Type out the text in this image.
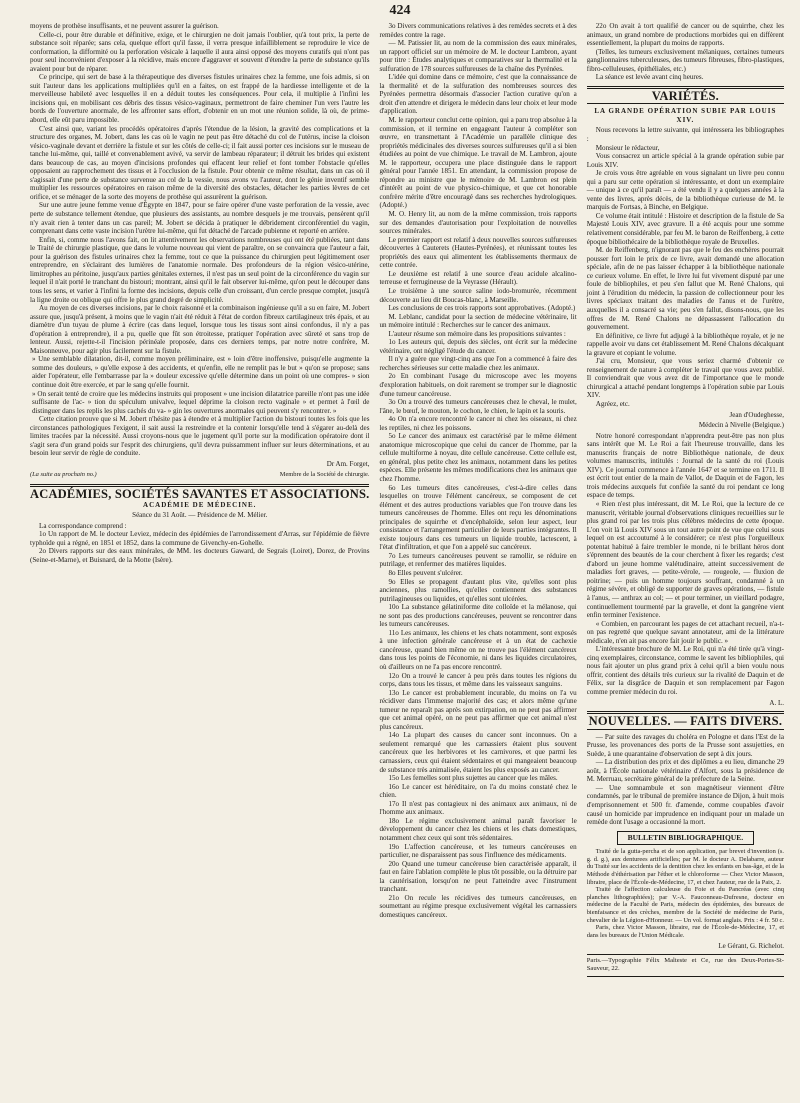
424

moyens de prothèse insuffisants, et ne peuvent assurer la guérison.

Celle-ci, pour être durable et définitive, exige, et le chirurgien ne doit jamais l'oublier, qu'à tout prix, la perte de substance soit réparée; sans cela, quelque effort qu'il fasse, il verra presque infailliblement se reproduire le vice de conformation, la difformité ou la perforation vésicale à laquelle il aura ainsi opposé des moyens curatifs qui n'ont pas pour seul inconvénient d'exposer à la récidive, mais encore d'aggraver et souvent d'étendre la perte de substance qu'ils avaient pour but de réparer.

Ce principe, qui sert de base à la thérapeutique des diverses fistules urinaires chez la femme, une fois admis, si on suit l'auteur dans les applications multipliées qu'il en a faites, on est frappé de la hardiesse intelligente et de la merveilleuse habileté avec lesquelles il en a déduit toutes les conséquences. Pour cela, il multiplie à l'infini les incisions qui, en mobilisant ces débris des tissus vésico-vaginaux, permettront de faire cheminer l'un vers l'autre les bords de l'ouverture anormale, de les affronter sans effort, d'obtenir en un mot une réunion solide, là où, de prime-abord, elle eût paru impossible.

C'est ainsi que, variant les procédés opératoires d'après l'étendue de la lésion, la gravité des complications et la structure des organes, M. Jobert, dans les cas où le vagin ne peut pas être détaché du col de l'utérus, incise la cloison vésico-vaginale devant et derrière la fistule et sur les côtés de celle-ci; il fait aussi porter ces incisions sur le museau de tanche lui-même, qui, taillé et convenablement avivé, va servir de lambeau réparateur; il détruit les brides qui existent dans beaucoup de cas, au moyen d'incisions profondes qui effacent leur relief et font tomber l'obstacle qu'elles opposaient au rapprochement des tissus et à l'occlusion de la fistule. Pour obtenir ce même résultat, dans un cas où il s'agissait d'une perte de substance survenue au col de la vessie, nous avons vu l'auteur, dont le génie inventif semble multiplier les ressources opératoires en raison même de la diversité des obstacles, détacher les parties lèvres de cet orifice, et se ménager de la sorte des moyens de prothèse qui assurèrent la guérison.

Sur une autre jeune femme venue d'Égypte en 1847, pour se faire opérer d'une vaste perforation de la vessie, avec perte de substance tellement étendue, que plusieurs des assistants, au nombre desquels je me trouvais, pensèrent qu'il n'y avait rien à tenter dans un cas pareil; M. Jobert se décida à pratiquer le débridement circonférentiel du vagin, comprenant dans cette vaste incision l'urètre lui-même, qui fut détaché de l'arcade pubienne et reporté en arrière.

Enfin, si, comme nous l'avons fait, on lit attentivement les observations nombreuses qui ont été publiées, tant dans le Traité de chirurgie plastique, que dans le volume nouveau qui vient de paraître, on se convaincra que l'auteur a fait, pour la guérison des fistules urinaires chez la femme, tout ce que la puissance du chirurgien peut légitimement oser entreprendre, en s'éclairant des lumières de l'anatomie normale. Des profondeurs de la région vésico-utérine, limitrophes au péritoine, jusqu'aux parties génitales externes, il n'est pas un seul point de la circonférence du vagin sur lequel il n'ait porté le tranchant du bistouri; montrant, ainsi qu'il le fait observer lui-même, qu'on peut le découper dans tous les sens, et varier à l'infini la forme des incisions, depuis celle d'un croissant, d'un cercle presque complet, jusqu'à la ligne droite ou oblique qui offre le plus grand degré de simplicité.

Au moyen de ces diverses incisions, par le choix raisonné et la combinaison ingénieuse qu'il a su en faire, M. Jobert assure que, jusqu'à présent, à moins que le vagin n'ait été réduit à l'état de cordon fibreux cartilagineux très épais, et au diamètre d'un tuyau de plume à écrire (cas dans lequel, lorsque tous les tissus sont ainsi confondus, il n'y a pas d'opération à entreprendre), il a pu, quelle que fût son étroitesse, pratiquer l'opération avec sûreté et sans trop de lenteur. Aussi, rejette-t-il l'incision périnéale proposée, dans ces derniers temps, par notre notre confrère, M. Maisonneuve, pour agir plus facilement sur la fistule.

» Une semblable dilatation, dit-il, comme moyen préliminaire, est » loin d'être inoffensive, puisqu'elle augmente la somme des douleurs, » qu'elle expose à des accidents, et qu'enfin, elle ne remplit pas le but » qu'on se propose; sans aider l'opérateur, elle l'embarrasse par la » douleur excessive qu'elle détermine dans un point où une compres- » sion continue doit être exercée, et par le sang qu'elle fournit.

» On serait tenté de croire que les médecins instruits qui proposent » une incision dilatatrice pareille n'ont pas une idée suffisante de l'ac- » tion du spéculum univalve, lequel déprime la cloison recto vaginale » et permet à l'œil de distinguer dans les replis les plus cachés du va- » gin les ouvertures anormales qui peuvent s'y rencontrer. »

Cette citation prouve que si M. Jobert n'hésite pas à étendre et à multiplier l'action du bistouri toutes les fois que les circonstances pathologiques l'exigent, il sait aussi la restreindre et la contenir lorsqu'elle tend à s'égarer au-delà des limites tracées par la nécessité. Aussi croyons-nous que le jugement qu'il porte sur la modification opératoire dont il s'agit sera d'un grand poids sur l'esprit des chirurgiens, qu'il devra puissamment influer sur leurs déterminations, et au besoin leur servir de règle de conduite.

Dr Am. Forget,
(La suite au prochain no.)	Membre de la Société de chirurgie.
ACADÉMIES, SOCIÉTÉS SAVANTES ET ASSOCIATIONS.
ACADÉMIE DE MÉDECINE.
Séance du 31 Août. — Présidence de M. Mélier.

La correspondance comprend :

1o Un rapport de M. le docteur Leviez, médecin des épidémies de l'arrondissement d'Arras, sur l'épidémie de fièvre typhoïde qui a régné, en 1851 et 1852, dans la commune de Givenchy-en-Gohelle.

2o Divers rapports sur des eaux minérales, de MM. les docteurs Gaward, de Segrais (Loiret), Dorez, de Provins (Seine-et-Marne), et Buisnard, de la Motte (Isère).

3o Divers communications relatives à des remèdes secrets et à des remèdes contre la rage.

— M. Patissier lit, au nom de la commission des eaux minérales, un rapport officiel sur un mémoire de M. le docteur Lambron, ayant pour titre : Études analytiques et comparatives sur la thermalité et la sulfuration de 178 sources sulfureuses de la chaîne des Pyrénées.

L'idée qui domine dans ce mémoire, c'est que la connaissance de la thermalité et de la sulfuration des nombreuses sources des Pyrénées permettra désormais d'associer l'action curative qu'on a droit d'en attendre et dirigera le médecin dans leur choix et leur mode d'application.

M. le rapporteur conclut cette opinion, qui a paru trop absolue à la commission, et il termine en engageant l'auteur à compléter son œuvre, en transmettant à l'Académie un parallèle clinique des propriétés médicinales des diverses sources sulfureuses qu'il a si bien étudiées au point de vue chimique. Le travail de M. Lambron, ajoute M. le rapporteur, occupera une place distinguée dans le rapport général pour l'année 1851. En attendant, la commission propose de répondre au ministre que le mémoire de M. Lambron est plein d'intérêt au point de vue physico-chimique, et que cet honorable confrère mérite d'être encouragé dans ses recherches hydrologiques. (Adopté.)

M. O. Henry lit, au nom de la même commission, trois rapports sur des demandes d'autorisation pour l'exploitation de nouvelles sources minérales.

Le premier rapport est relatif à deux nouvelles sources sulfureuses découvertes à Cauterets (Hautes-Pyrénées), et réunissant toutes les propriétés des eaux qui alimentent les établissements thermaux de cette contrée.

Le deuxième est relatif à une source d'eau acidule alcalino-terreuse et ferrugineuse de la Veyrasse (Hérault).

Le troisième à une source saline iodo-bromurée, récemment découverte au lieu dit Boucas-blanc, à Marseille.

Les conclusions de ces trois rapports sont approbatives. (Adopté.)

M. Leblanc, candidat pour la section de médecine vétérinaire, lit un mémoire intitulé : Recherches sur le cancer des animaux.

L'auteur résume son mémoire dans les propositions suivantes :

1o Les auteurs qui, depuis des siècles, ont écrit sur la médecine vétérinaire, ont négligé l'étude du cancer.

Il n'y a guère que vingt-cinq ans que l'on a commencé à faire des recherches sérieuses sur cette maladie chez les animaux.

2o En combinant l'usage du microscope avec les moyens d'exploration habituels, on doit rarement se tromper sur le diagnostic d'une tumeur cancéreuse.

3o On a trouvé des tumeurs cancéreuses chez le cheval, le mulet, l'âne, le bœuf, le mouton, le cochon, le chien, le lapin et la souris.

4o On n'a encore rencontré le cancer ni chez les oiseaux, ni chez les reptiles, ni chez les poissons.

5o Le cancer des animaux est caractérisé par le même élément anatomique microscopique que celui du cancer de l'homme, par la cellule multiforme à noyau, dite cellule cancéreuse. Cette cellule est, en général, plus petite chez les animaux, notamment dans les petites espèces. Elle présente les mêmes modifications chez les animaux que chez l'homme.

6o Les tumeurs dites cancéreuses, c'est-à-dire celles dans lesquelles on trouve l'élément cancéreux, se composent de cet élément et des autres productions variables que l'on trouve dans les tumeurs cancéreuses de l'homme. Elles ont reçu les dénominations principales de squirrhe et d'encéphaloïde, selon leur aspect, leur consistance et l'arrangement particulier de leurs parties intégrantes. Il existe toujours dans ces tumeurs un liquide trouble, lactescent, à l'état d'infiltration, et que l'on a appelé suc cancéreux.

7o Les tumeurs cancéreuses peuvent se ramollir, se réduire en putrilage, et renfermer des matières liquides.

8o Elles peuvent s'ulcérer.

9o Elles se propagent d'autant plus vite, qu'elles sont plus anciennes, plus ramollies, qu'elles contiennent des substances putrilagineuses ou liquides, et qu'elles sont ulcérées.

10o La substance gélatiniforme dite colloïde et la mélanose, qui ne sont pas des productions cancéreuses, peuvent se rencontrer dans les tumeurs cancéreuses.

11o Les animaux, les chiens et les chats notamment, sont exposés à une infection générale cancéreuse et à un état de cachexie cancéreuse, quand bien même on ne trouve pas l'élément cancéreux dans tous les points de l'économie, ni dans les liquides circulatoires, où d'ailleurs on ne l'a pas encore rencontré.

12o On a trouvé le cancer à peu près dans toutes les régions du corps, dans tous les tissus, et même dans les vaisseaux sanguins.

13o Le cancer est probablement incurable, du moins on l'a vu récidiver dans l'immense majorité des cas; et alors même qu'une tumeur ne reparaît pas après son extirpation, on ne peut pas affirmer que cet animal opéré, on ne peut pas affirmer que cet animal n'est plus cancéreux.

14o La plupart des causes du cancer sont inconnues. On a seulement remarqué que les carnassiers étaient plus souvent cancéreux que les herbivores et les carnivores, et que parmi les carnassiers, ceux qui étaient sédentaires et qui mangeaient beaucoup de substance très animalisée, étaient les plus exposés au cancer.

15o Les femelles sont plus sujettes au cancer que les mâles.

16o Le cancer est héréditaire, on l'a du moins constaté chez le chien.

17o Il n'est pas contagieux ni des animaux aux animaux, ni de l'homme aux animaux.

18o Le régime exclusivement animal paraît favoriser le développement du cancer chez les chiens et les chats domestiques, notamment chez ceux qui sont très sédentaires.

19o L'affection cancéreuse, et les tumeurs cancéreuses en particulier, ne disparaissent pas sous l'influence des médicaments.

20o Quand une tumeur cancéreuse bien caractérisée apparaît, il faut en faire l'ablation complète le plus tôt possible, ou la détruire par la cautérisation, lorsqu'on ne peut l'atteindre avec l'instrument tranchant.

21o On recule les récidives des tumeurs cancéreuses, en soumettant au régime presque exclusivement végétal les carnassiers domestiques cancéreux.

22o On avait à tort qualifié de cancer ou de squirrhe, chez les animaux, un grand nombre de productions morbides qui en diffèrent essentiellement, la plupart du moins de rapports.

(Telles, les tumeurs exclusivement mélaniques, certaines tumeurs ganglionnaires tuberculeuses, des tumeurs fibreuses, fibro-plastiques, fibro-celluleuses, épithéliales, etc.)

La séance est levée avant cinq heures.

VARIÉTÉS.
LA GRANDE OPÉRATION SUBIE PAR LOUIS XIV.

Nous recevons la lettre suivante, qui intéressera les bibliographes :

Monsieur le rédacteur,

Vous consacrez un article spécial à la grande opération subie par Louis XIV.

Je crois vous être agréable en vous signalant un livre peu connu qui a paru sur cette opération si intéressante, et dont un exemplaire — unique à ce qu'il paraît — a été vendu il y a quelques années à la vente des livres, après décès, de la bibliothèque curieuse de M. le marquis de Fortsas, à Binche, en Belgique.

Ce volume était intitulé : Histoire et description de la fistule de Sa Majesté Louis XIV, avec gravure. Il a été acquis pour une somme relativement considérable, par feu M. le baron de Reiffenberg, à cette époque bibliothécaire de la bibliothèque royale de Bruxelles.

M. de Reiffenberg, n'ignorant pas que le feu des enchères pourrait pousser fort loin le prix de ce livre, avait demandé une allocation spéciale, afin de ne pas laisser échapper à la bibliothèque nationale ce curieux volume. En effet, le livre lui fut vivement disputé par une foule de bibliophiles, et peu s'en fallut que M. René Chalons, qui joint à l'érudition du médecin, la passion de collectionneur pour les livres spéciaux traitant des maladies de l'anus et de l'urètre, auxquelles il a consacré sa vie; peu s'en fallut, disons-nous, que les offres de M. René Chalons ne dépassassent l'allocation du gouvernement.

En définitive, ce livre fut adjugé à la bibliothèque royale, et je ne rappelle avoir vu dans cet établissement M. René Chalons décalquant la gravure et copiant le volume.

J'ai cru, Monsieur, que vous seriez charmé d'obtenir ce renseignement de nature à compléter le travail que vous avez publié. Il conviendrait que vous avez dit de l'importance que le monde chirurgical a attaché pendant longtemps à l'opération subie par Louis XIV.

Agréez, etc.

Jean d'Oudeghesse,
Médecin à Nivelle (Belgique.)

Notre honoré correspondant n'apprendra peut-être pas non plus sans intérêt que M. Le Roi a fait l'heureuse trouvaille, dans les manuscrits français de notre Bibliothèque nationale, de deux volumes manuscrits, intitulés : Journal de la santé du roi (Louis XIV). Ce journal commence à l'année 1647 et se termine en 1711. Il est écrit tout entier de la main de Vallot, de Daquin et de Fagon, les trois médecins auxquels fut confiée la santé du roi pendant ce long espace de temps.

« Rien n'est plus intéressant, dit M. Le Roi, que la lecture de ce manuscrit, véritable journal d'observations cliniques recueillies sur le plus grand roi par les trois plus célèbres médecins de cette époque. L'on voit là Louis XIV sous un tout autre point de vue que celui sous lequel on est accoutumé à le considérer; ce n'est plus l'orgueilleux potentat habitué à faire trembler le monde, ni le brillant héros dont s'éprennent des beautés de la cour cherchent à fixer les regards; c'est d'abord un jeune homme valétudinaire, atteint successivement de maladies fort graves, — petite-vérole, — rougeole, — fluxion de poitrine; — puis un homme toujours souffrant, condamné à un régime sévère, et obligé de supporter de graves opérations, — fistule à l'anus, — anthrax au col; — et pour terminer, un vieillard podagre, continuellement tourmenté par la gravelle, et dont la gangrène vient enfin terminer l'existence.

« Combien, en parcourant les pages de cet attachant recueil, n'a-t-on pas regretté que quelque savant annotateur, ami de la littérature médicale, n'en ait pas encore fait jouir le public. »

L'intéressante brochure de M. Le Roi, qui n'a été tirée qu'à vingt-cinq exemplaires, circonstance, comme le savent les bibliophiles, qui nous fait ajouter un plus grand prix à celui qu'il a bien voulu nous offrir, contient des détails très curieux sur la rivalité de Daquin et de Félix, sur la disgrâce de Daquin et son remplacement par Fagon comme premier médecin du roi.

A. L.
NOUVELLES. — FAITS DIVERS.

— Par suite des ravages du choléra en Pologne et dans l'Est de la Prusse, les provenances des ports de la Prusse sont assujetties, en Suède, à une quarantaine d'observation de sept à dix jours.

— La distribution des prix et des diplômes a eu lieu, dimanche 29 août, à l'École nationale vétérinaire d'Alfort, sous la présidence de M. Merruau, secrétaire général de la préfecture de la Seine.

— Une somnambule et son magnétiseur viennent d'être condamnés, par le tribunal de première instance de Dijon, à huit mois d'emprisonnement et 500 fr. d'amende, comme coupables d'avoir causé un homicide par imprudence en indiquant pour un malade un remède dont l'usage a occasionné la mort.

BULLETIN BIBLIOGRAPHIQUE.

Traité de la gutta-percha et de son application, par brevet d'invention (s. g. d. g.), aux denturees artificielles; par M. le docteur A. Delabarre, auteur du Traité sur les accidents de la dentition chez les enfants en bas-âge, et de la Méthode d'éthérisation par l'éther et le chloroforme — Chez Victor Masson, libraire, place de l'École-de-Médecine, 17, et chez l'auteur, rue de la Paix, 2.

Traité de l'affection calculeuse du Foie et du Pancréas (avec cinq planches lithographiées); par V.-A. Fauconneau-Dufresne, docteur en médecine de la Faculté de Paris, médecin des épidémies, des bureaux de bienfaisance et des crèches, membre de la Société de médecine de Paris, chevalier de la Légion-d'Honneur. — Un vol. format anglais. Prix : 4 fr. 50 c.

Paris, chez Victor Masson, libraire, rue de l'École-de-Médecine, 17, et dans les bureaux de l'Union Médicale.

Le Gérant, G. Richelot.
Paris.—Typographie Félix Malteste et Ce, rue des Deux-Portes-St-Sauveur, 22.
